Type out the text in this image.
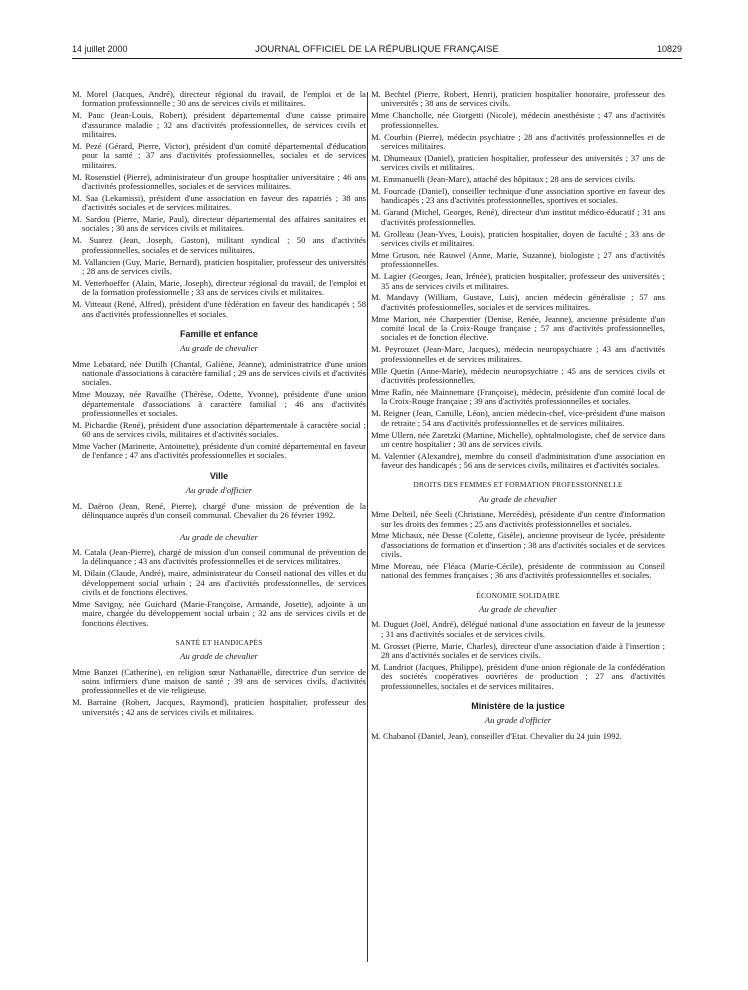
14 juillet 2000	JOURNAL OFFICIEL DE LA RÉPUBLIQUE FRANÇAISE	10829

M. Morel (Jacques, André), directeur régional du travail, de l'emploi et de la formation professionnelle ; 30 ans de services civils et militaires.

M. Pauc (Jean-Louis, Robert), président départemental d'une caisse primaire d'assurance maladie ; 32 ans d'activités professionnelles, de services civils et militaires.

M. Pezé (Gérard, Pierre, Victor), président d'un comité départemental d'éducation pour la santé ; 37 ans d'activités professionnelles, sociales et de services militaires.

M. Rosenstiel (Pierre), administrateur d'un groupe hospitalier universitaire ; 46 ans d'activités professionnelles, sociales et de services militaires.

M. Saa (Lekamissi), président d'une association en faveur des rapatriés ; 38 ans d'activités sociales et de services militaires.

M. Sardou (Pierre, Marie, Paul), directeur départemental des affaires sanitaires et sociales ; 30 ans de services civils et militaires.

M. Suarez (Jean, Joseph, Gaston), militant syndical ; 50 ans d'activités professionnelles, sociales et de services militaires.

M. Vallancien (Guy, Marie, Bernard), praticien hospitalier, professeur des universités ; 28 ans de services civils.

M. Vetterhoeffer (Alain, Marie, Joseph), directeur régional du travail, de l'emploi et de la formation professionnelle ; 33 ans de services civils et militaires.

M. Vitteaut (René, Alfred), président d'une fédération en faveur des handicapés ; 58 ans d'activités professionnelles et sociales.

Famille et enfance
Au grade de chevalier

Mme Lebatard, née Dutilh (Chantal, Galiène, Jeanne), administratrice d'une union nationale d'associations à caractère familial ; 29 ans de services civils et d'activités sociales.

Mme Mouzay, née Ravailhe (Thérèse, Odette, Yvonne), présidente d'une union départementale d'associations à caractère familial ; 46 ans d'activités professionnelles et sociales.

M. Pichardie (René), président d'une association départementale à caractère social ; 60 ans de services civils, militaires et d'activités sociales.

Mme Vacher (Marinette, Antoinette), présidente d'un comité départemental en faveur de l'enfance ; 47 ans d'activités professionnelles et sociales.

Ville
Au grade d'officier

M. Daëron (Jean, René, Pierre), chargé d'une mission de prévention de la délinquance auprès d'un conseil communal. Chevalier du 26 février 1992.

Au grade de chevalier

M. Catala (Jean-Pierre), chargé de mission d'un conseil communal de prévention de la délinquance ; 43 ans d'activités professionnelles et de services militaires.

M. Dilain (Claude, André), maire, administrateur du Conseil national des villes et du développement social urbain ; 24 ans d'activités professionnelles, de services civils et de fonctions électives.

Mme Savigny, née Guichard (Marie-Françoise, Armande, Josette), adjointe à un maire, chargée du développement social urbain ; 32 ans de services civils et de fonctions électives.

SANTÉ ET HANDICAPÉS
Au grade de chevalier

Mme Banzet (Catherine), en religion sœur Nathanaëlle, directrice d'un service de soins infirmiers d'une maison de santé ; 39 ans de services civils, d'activités professionnelles et de vie religieuse.

M. Barraine (Robert, Jacques, Raymond), praticien hospitalier, professeur des universités ; 42 ans de services civils et militaires.

M. Bechtel (Pierre, Robert, Henri), praticien hospitalier honoraire, professeur des universités ; 38 ans de services civils.

Mme Chancholle, née Giorgetti (Nicole), médecin anesthésiste ; 47 ans d'activités professionnelles.

M. Courbin (Pierre), médecin psychiatre ; 28 ans d'activités professionnelles et de services militaires.

M. Dhumeaux (Daniel), praticien hospitalier, professeur des universités ; 37 ans de services civils et militaires.

M. Emmanuelli (Jean-Marc), attaché des hôpitaux ; 28 ans de services civils.

M. Fourcade (Daniel), conseiller technique d'une association sportive en faveur des handicapés ; 23 ans d'activités professionnelles, sportives et sociales.

M. Garand (Michel, Georges, René), directeur d'un institut médico-éducatif ; 31 ans d'activités professionnelles.

M. Grolleau (Jean-Yves, Louis), praticien hospitalier, doyen de faculté ; 33 ans de services civils et militaires.

Mme Gruson, née Rauwel (Anne, Marie, Suzanne), biologiste ; 27 ans d'activités professionnelles.

M. Lagier (Georges, Jean, Irénée), praticien hospitalier, professeur des universités ; 35 ans de services civils et militaires.

M. Mandavy (William, Gustave, Luis), ancien médecin généraliste ; 57 ans d'activités professionnelles, sociales et de services militaires.

Mme Marion, née Charpentier (Denise, Renée, Jeanne), ancienne présidente d'un comité local de la Croix-Rouge française ; 57 ans d'activités professionnelles, sociales et de fonction élective.

M. Peyrouzet (Jean-Marc, Jacques), médecin neuropsychiatre ; 43 ans d'activités professionnelles et de services militaires.

Mlle Quetin (Anne-Marie), médecin neuropsychiatre ; 45 ans de services civils et d'activités professionnelles.

Mme Rafin, née Mainnemare (Françoise), médecin, présidente d'un comité local de la Croix-Rouge française ; 39 ans d'activités professionnelles et sociales.

M. Reigner (Jean, Camille, Léon), ancien médecin-chef, vice-président d'une maison de retraite ; 54 ans d'activités professionnelles et de services militaires.

Mme Ullern, née Zaretzki (Martine, Michelle), ophtalmologiste, chef de service dans un centre hospitalier ; 30 ans de services civils.

M. Valentier (Alexandre), membre du conseil d'administration d'une association en faveur des handicapés ; 56 ans de services civils, militaires et d'activités sociales.

DROITS DES FEMMES ET FORMATION PROFESSIONNELLE
Au grade de chevalier

Mme Delteil, née Seeli (Christiane, Mercédès), présidente d'un centre d'information sur les droits des femmes ; 25 ans d'activités professionnelles et sociales.

Mme Michaux, née Desse (Colette, Gisèle), ancienne proviseur de lycée, présidente d'associations de formation et d'insertion ; 38 ans d'activités sociales et de services civils.

Mme Moreau, née Fléaca (Marie-Cécile), présidente de commission au Conseil national des femmes françaises ; 36 ans d'activités professionnelles et sociales.

ÉCONOMIE SOLIDAIRE
Au grade de chevalier

M. Duguet (Joël, André), délégué national d'une association en faveur de la jeunesse ; 31 ans d'activités sociales et de services civils.

M. Grosset (Pierre, Marie, Charles), directeur d'une association d'aide à l'insertion ; 28 ans d'activités sociales et de services civils.

M. Landriot (Jacques, Philippe), président d'une union régionale de la confédération des sociétés coopératives ouvrières de production ; 27 ans d'activités professionnelles, sociales et de services militaires.

Ministère de la justice
Au grade d'officier

M. Chabanol (Daniel, Jean), conseiller d'Etat. Chevalier du 24 juin 1992.
